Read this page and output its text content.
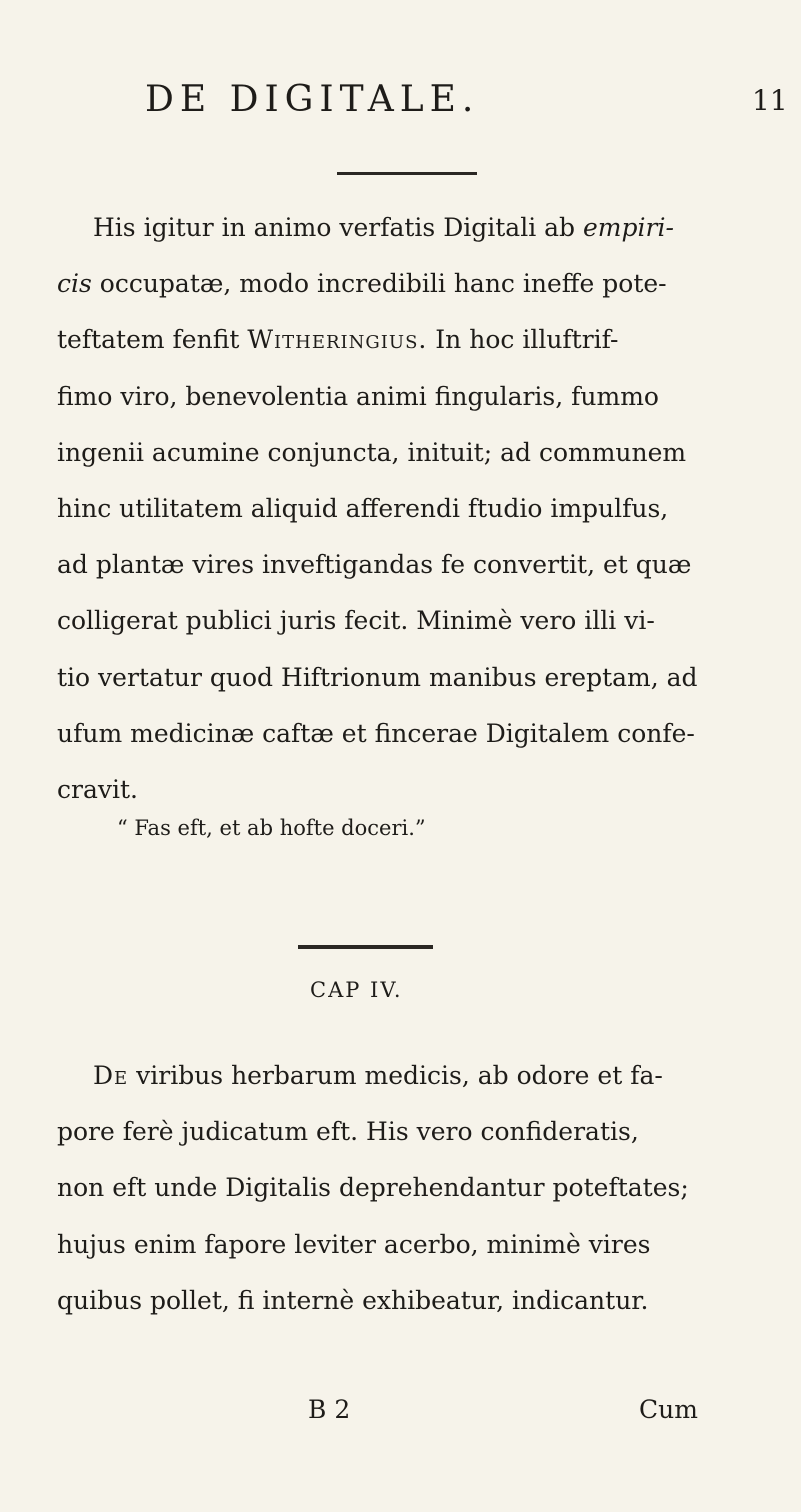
DE DIGITALE.	11
His igitur in animo verfatis Digitali ab empiri-
cis occupatæ, modo incredibili hanc ineffe pote-
teftatem fenfit Witheringius. In hoc illuftrif-
fimo viro, benevolentia animi fingularis, fummo
ingenii acumine conjuncta, inituit; ad communem
hinc utilitatem aliquid afferendi ftudio impulfus,
ad plantæ vires inveftigandas fe convertit, et quæ
colligerat publici juris fecit. Minimè vero illi vi-
tio vertatur quod Hiftrionum manibus ereptam, ad
ufum medicinæ caftæ et fincerae Digitalem confe-
cravit.
“ Fas eft, et ab hofte doceri.”
CAP IV.
De viribus herbarum medicis, ab odore et fa-
pore ferè judicatum eft. His vero confideratis,
non eft unde Digitalis deprehendantur poteftates;
hujus enim fapore leviter acerbo, minimè vires
quibus pollet, fi internè exhibeatur, indicantur.
B 2	Cum
